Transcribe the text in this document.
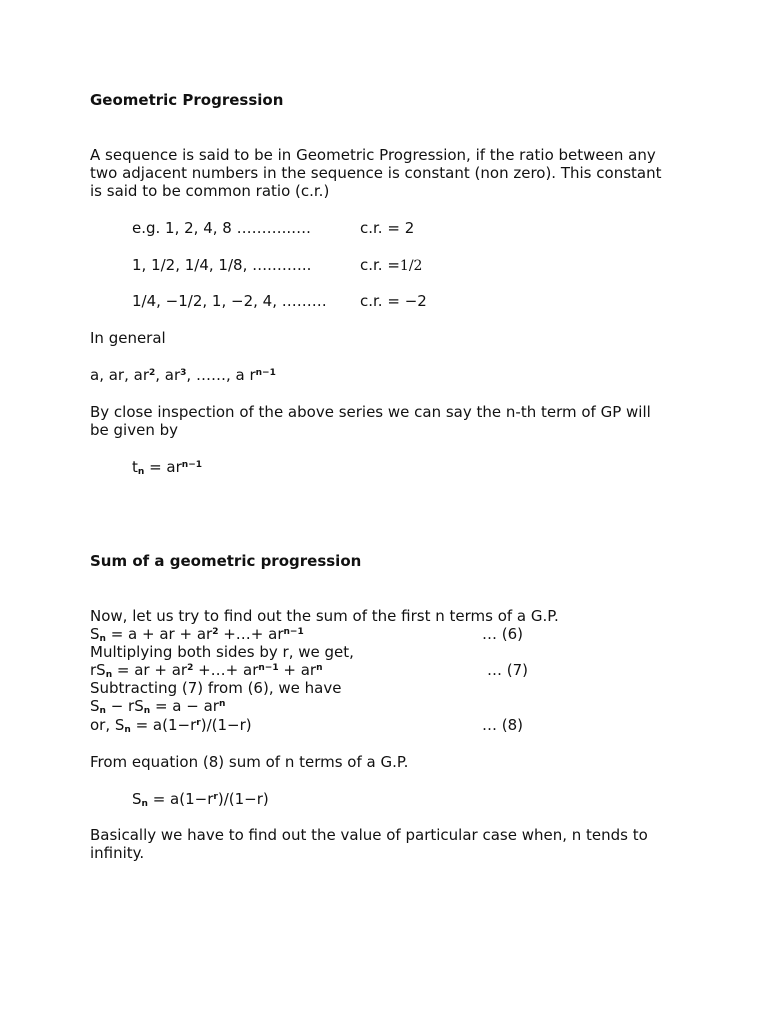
Geometric Progression
A sequence is said to be in Geometric Progression, if the ratio between any
two adjacent numbers in the sequence is constant (non zero). This constant
is said to be common ratio (c.r.)
e.g. 1, 2, 4, 8 ………..….	c.r. = 2
1, 1/2, 1/4, 1/8, ….……..	c.r. =1/2
1/4, −1/2, 1, −2, 4, ……… c.r. = −2
In general
a, ar, $ar^2$, $ar^3$, ……, a $r^{n-1}$
By close inspection of the above series we can say the n-th term of GP will
be given by
$t_n = ar^{n-1}$
Sum of a geometric progression
Now, let us try to find out the sum of the first n terms of a G.P.
$S_n = a$ + ar + $ar^2$ +…+ $ar^{n-1}$	… (6)
Multiplying both sides by r, we get,
$rS_n$ = ar + $ar^2$ +…+ $ar^{n-1} + ar^n$	… (7)
Subtracting (7) from (6), we have
$S_n - rS_n = a - ar^n$
or, $S_n = a(1-r^r)/(1-r)$	… (8)
From equation (8) sum of n terms of a G.P.
$S_n = a(1-r^r)/(1-r)$
Basically we have to find out the value of particular case when, n tends to
infinity.
